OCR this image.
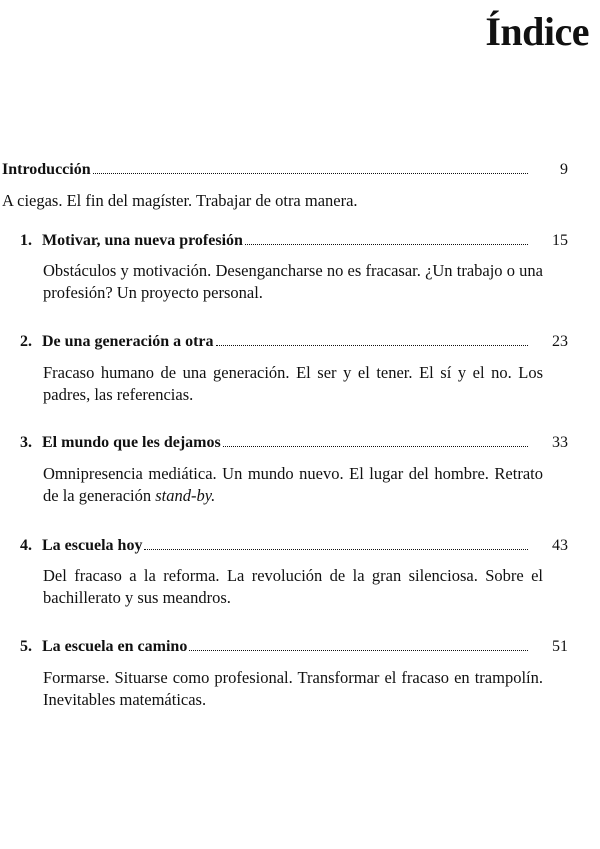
Índice
Introducción	9

A ciegas. El fin del magíster. Trabajar de otra manera.

1. Motivar, una nueva profesión	15

Obstáculos y motivación. Desengancharse no es fracasar. ¿Un trabajo o una profesión? Un proyecto personal.

2. De una generación a otra	23

Fracaso humano de una generación. El ser y el tener. El sí y el no. Los padres, las referencias.

3. El mundo que les dejamos	33

Omnipresencia mediática. Un mundo nuevo. El lugar del hombre. Retrato de la generación stand-by.

4. La escuela hoy	43

Del fracaso a la reforma. La revolución de la gran silenciosa. Sobre el bachillerato y sus meandros.

5. La escuela en camino	51

Formarse. Situarse como profesional. Transformar el fracaso en trampolín. Inevitables matemáticas.
